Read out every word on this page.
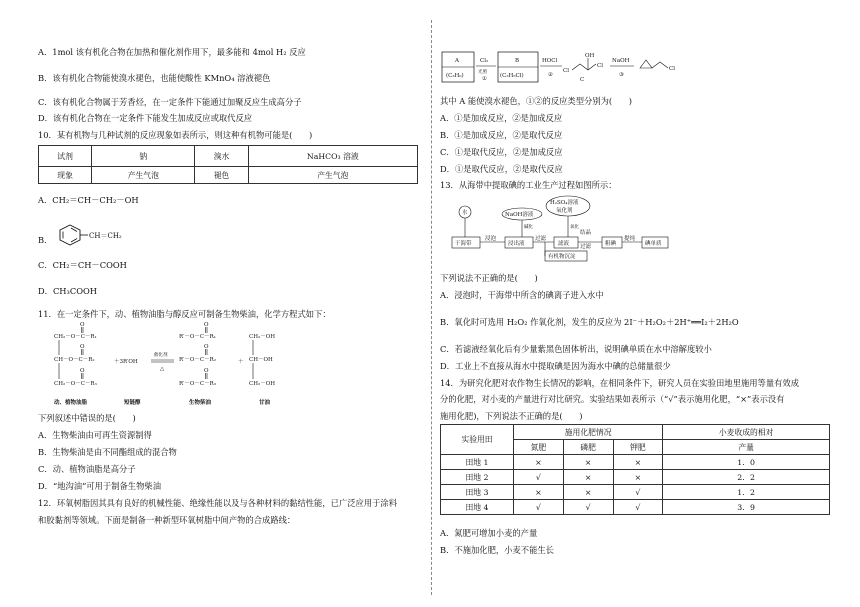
A．1mol 该有机化合物在加热和催化剂作用下，最多能和 4mol H₂ 反应
B．该有机化合物能使溴水褪色，也能使酸性 KMnO₄ 溶液褪色
C．该有机化合物属于芳香烃，在一定条件下能通过加聚反应生成高分子
D．该有机化合物在一定条件下能发生加成反应或取代反应
10．某有机物与几种试剂的反应现象如表所示，则这种有机物可能是(　　)
试剂	钠	溴水	NaHCO₃ 溶液
现象	产生气泡	褪色	产生气泡
A．CH₂＝CH－CH₂－OH
B．	CH＝CH₂
C．CH₂＝CH－COOH
D．CH₃COOH
11．在一定条件下，动、植物油脂与醇反应可制备生物柴油，化学方程式如下：
O
CH₂－O－C－R₁
O
CH－O－C－R₂
O
CH₂－O－C－R₃
＋3R′OH
催化剂
△
O
R′－O－C－R₁
O
R′－O－C－R₂
O
R′－O－C－R₃
＋
CH₂－OH
CH－OH
CH₂－OH
动、植物油脂	短链醇	生物柴油	甘油
下列叙述中错误的是(　　)
A．生物柴油由可再生资源制得
B．生物柴油是由不同酯组成的混合物
C．动、植物油脂是高分子
D．“地沟油”可用于制备生物柴油
12．环氧树脂因其具有良好的机械性能、绝缘性能以及与各种材料的黏结性能，已广泛应用于涂料
和胶黏剂等领域。下面是制备一种新型环氧树脂中间产物的合成路线：
A
(C₃H₆)
Cl₂
光照
①
B
(C₃H₅Cl)
HOCl
②
Cl
OH
Cl
C
NaOH
③
Cl
其中 A 能使溴水褪色，①②的反应类型分别为(　　)
A．①是加成反应，②是加成反应
B．①是加成反应，②是取代反应
C．①是取代反应，②是加成反应
D．①是取代反应，②是取代反应
13．从海带中提取碘的工业生产过程如图所示：
水
干海带
浸泡
NaOH溶液
碱化
浸出液
过滤
有机物沉淀
H₂SO₄溶液
氧化剂
氧化
滤液
结晶
过滤	粗碘
提纯
碘单质
下列说法不正确的是(　　)
A．浸泡时，干海带中所含的碘离子进入水中
B．氧化时可选用 H₂O₂ 作氧化剂，发生的反应为 2I⁻＋H₂O₂＋2H⁺══I₂＋2H₂O
C．若滤液经氧化后有少量紫黑色固体析出，说明碘单质在水中溶解度较小
D．工业上不直接从海水中提取碘是因为海水中碘的总储量很少
14．为研究化肥对农作物生长情况的影响，在相同条件下，研究人员在实验田地里施用等量有效成
分的化肥，对小麦的产量进行对比研究。实验结果如表所示（“√”表示施用化肥，“×”表示没有
施用化肥)，下列说法不正确的是(　　)
实验用田	施用化肥情况			小麦收成的相对
	氮肥	磷肥	钾肥	产量
田地 1	×	×	×	1．0
田地 2	√	×	×	2．2
田地 3	×	×	√	1．2
田地 4	√	√	√	3．9
A．氮肥可增加小麦的产量
B．不施加化肥，小麦不能生长
